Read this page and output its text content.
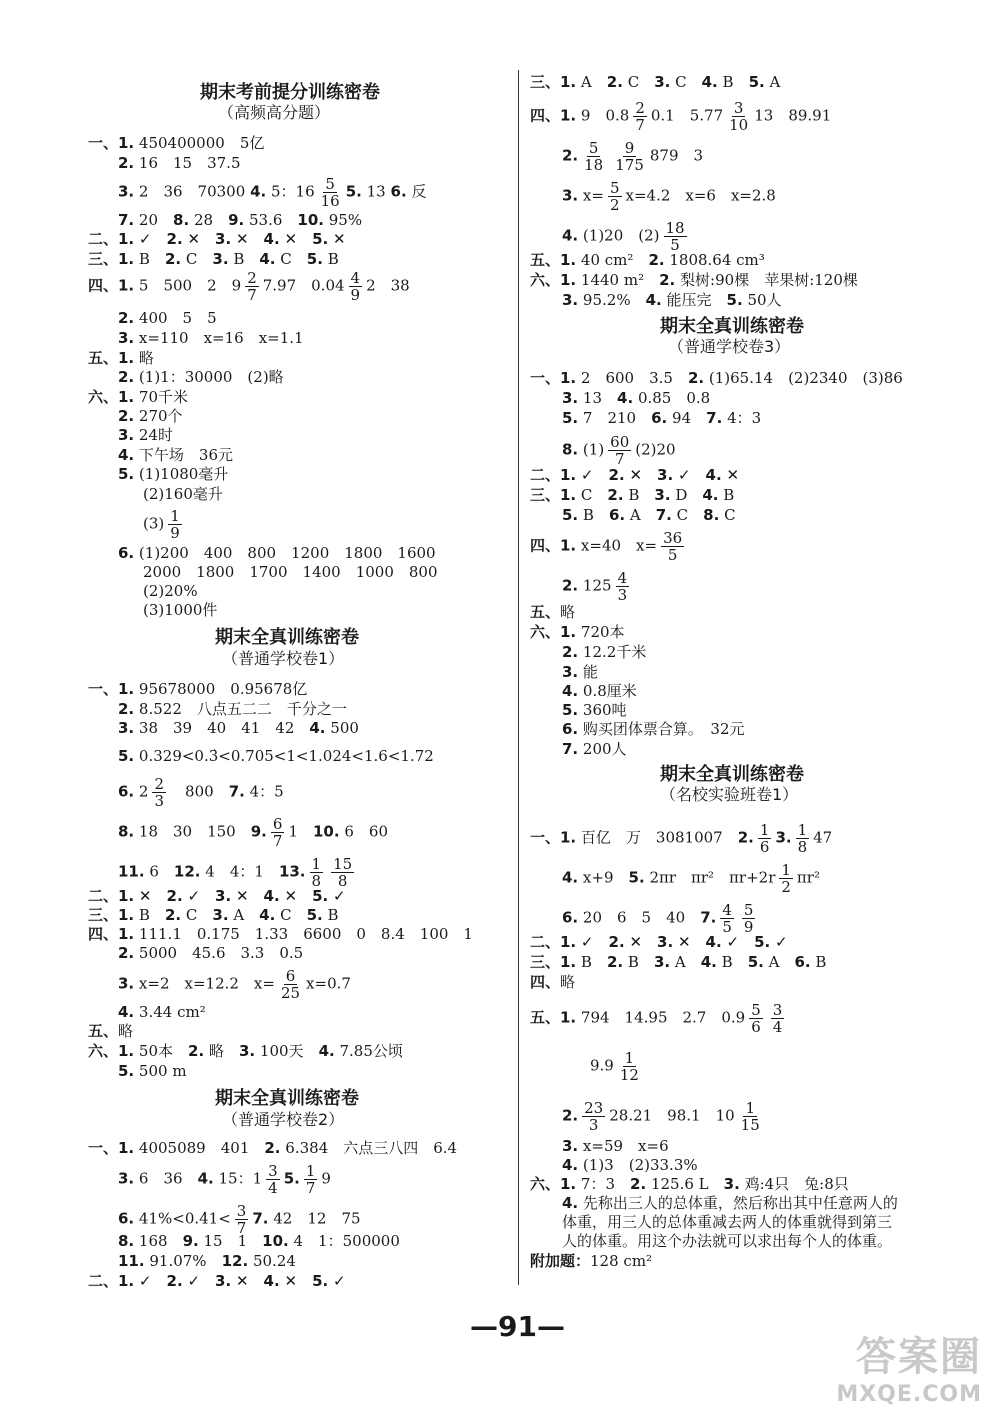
期末考前提分训练密卷
（高频高分题）
一、1. 450400000　5亿
2. 16　15　37.5
3. 2　36　70300 4. 5：$16 \frac{5}{16} 5$. 13 6. 反
7. 20　 8. 28　 9. 53.6　 10. 95%
二、1. ✓　 2. ✕　 3. ✕　 4. ✕　 5. ✕
三、1. B　 2. C　 3. B　 4. C　 5. B
四、1. 5　500　2　$9 \frac{2}{7} 7.97$　$0.04 \frac{4}{9} 2$　38
2. 400　5　5
3. x=110　x=16　x=1.1
五、1. 略
2. (1)1：30000　(2)略
六、1. 70千米
2. 270个
3. 24时
4. 下午场　36元
5. (1)1080毫升
(2)160毫升
$(3) \frac{1}{9}$
6. (1)200　400　800　1200　1800　1600
2000　1800　1700　1400　1000　800
(2)20%
(3)1000件
期末全真训练密卷
（普通学校卷1）
一、1. 95678000　0.95678亿
2. 8.522　八点五二二　千分之一
3. 38　39　40　41　42　 4. 500
5. 0.329<0.3̇<0.705<1<1.024<1.6<1.72
6. $2 \frac{2}{3}$
　 800　 7. 4：5
8. 18　30　150　 9. $\frac{6}{7} 1$　 10. 6　60
11. 6　 12. 4　4：1　 13. $\frac{1}{8} \frac{15}{8}$
二、1. ✕　 2. ✓　 3. ✕　 4. ✕　 5. ✓
三、1. B　 2. C　 3. A　 4. C　 5. B
四、1. 111.1　0.175　1.33　6600　0　8.4　100　1
2. 5000　45.6　3.3　0.5
3. x=2　x=12.2　$x= \frac{6}{25} x=0.7$
4. 3.44 cm²
五、略
六、1. 50本　 2. 略　 3. 100天　 4. 7.85公顷
5. 500 m
期末全真训练密卷
（普通学校卷2）
一、1. 4005089　401　 2. 6.384　六点三八四　6.4
3. 6　36　 4. 15：$1 \frac{3}{4} 5$. $\frac{1}{7} 9$
6. 41%<0.4̇1< $\frac{3}{7} 7$. 42　12　75
8. 168　 9. 15　1　 10. 4　1：500000
11. 91.07%　 12. 50.24
二、1. ✓　 2. ✓　 3. ✕　 4. ✕　 5. ✓
三、1. A　 2. C　 3. C　 4. B　 5. A
四、1. 9　$0.8 \frac{2}{7} 0.1$　$5.77 \frac{3}{10} 13$　89.91
2. $\frac{5}{18} \frac{9}{175} 879$　3
3. $x= \frac{5}{2} x=4.2$　x=6　x=2.8
4. (1)20　$(2) \frac{18}{5}$
五、1. 40 cm²　 2. 1808.64 cm³
六、1. 1440 m²　 2. 梨树:90棵　苹果树:120棵
3. 95.2%　 4. 能压完　 5. 50人
期末全真训练密卷
（普通学校卷3）
一、1. 2　600　3.5　 2. (1)65.14　(2)2340　(3)86
3. 13　 4. 0.85　0.8
5. 7　210　 6. 94　 7. 4：3
8. $(1) \frac{60}{7} (2)20$
二、1. ✓　 2. ✕　 3. ✓　 4. ✕
三、1. C　 2. B　 3. D　 4. B
5. B　 6. A　 7. C　 8. C
四、1. x=40　$x= \frac{36}{5}$
2. $125 \frac{4}{3}$
五、略
六、1. 720本
2. 12.2千米
3. 能
4. 0.8厘米
5. 360吨
6. 购买团体票合算。　32元
7. 200人
期末全真训练密卷
（名校实验班卷1）
一、1. 百亿　万　3081007　 2. $\frac{1}{6} 3$. $\frac{1}{8} 47$
4. x+9　 5. 2πr　πr²　$\pi r+2r \frac{1}{2} \pi r^2$
6. 20　6　5　40　 7. $\frac{4}{5} \frac{5}{9}$
二、1. ✓　 2. ✕　 3. ✕　 4. ✓　 5. ✓
三、1. B　 2. B　 3. A　 4. B　 5. A　 6. B
四、略
五、1. 794　14.95　2.7　$0.9 \frac{5}{6} \frac{3}{4}$
$9.9 \frac{1}{12}$
2. $\frac{23}{3} 28.21$　98.1　$10 \frac{1}{15}$
3. x=59　x=6
4. (1)3　(2)33.3%
六、1. 7：3　 2. 125.6 L　 3. 鸡:4只　兔:8只
4. 先称出三人的总体重，然后称出其中任意两人的
体重，用三人的总体重减去两人的体重就得到第三
人的体重。用这个办法就可以求出每个人的体重。
附加题：128 cm²
—91—
答案圈
MXQE.COM
